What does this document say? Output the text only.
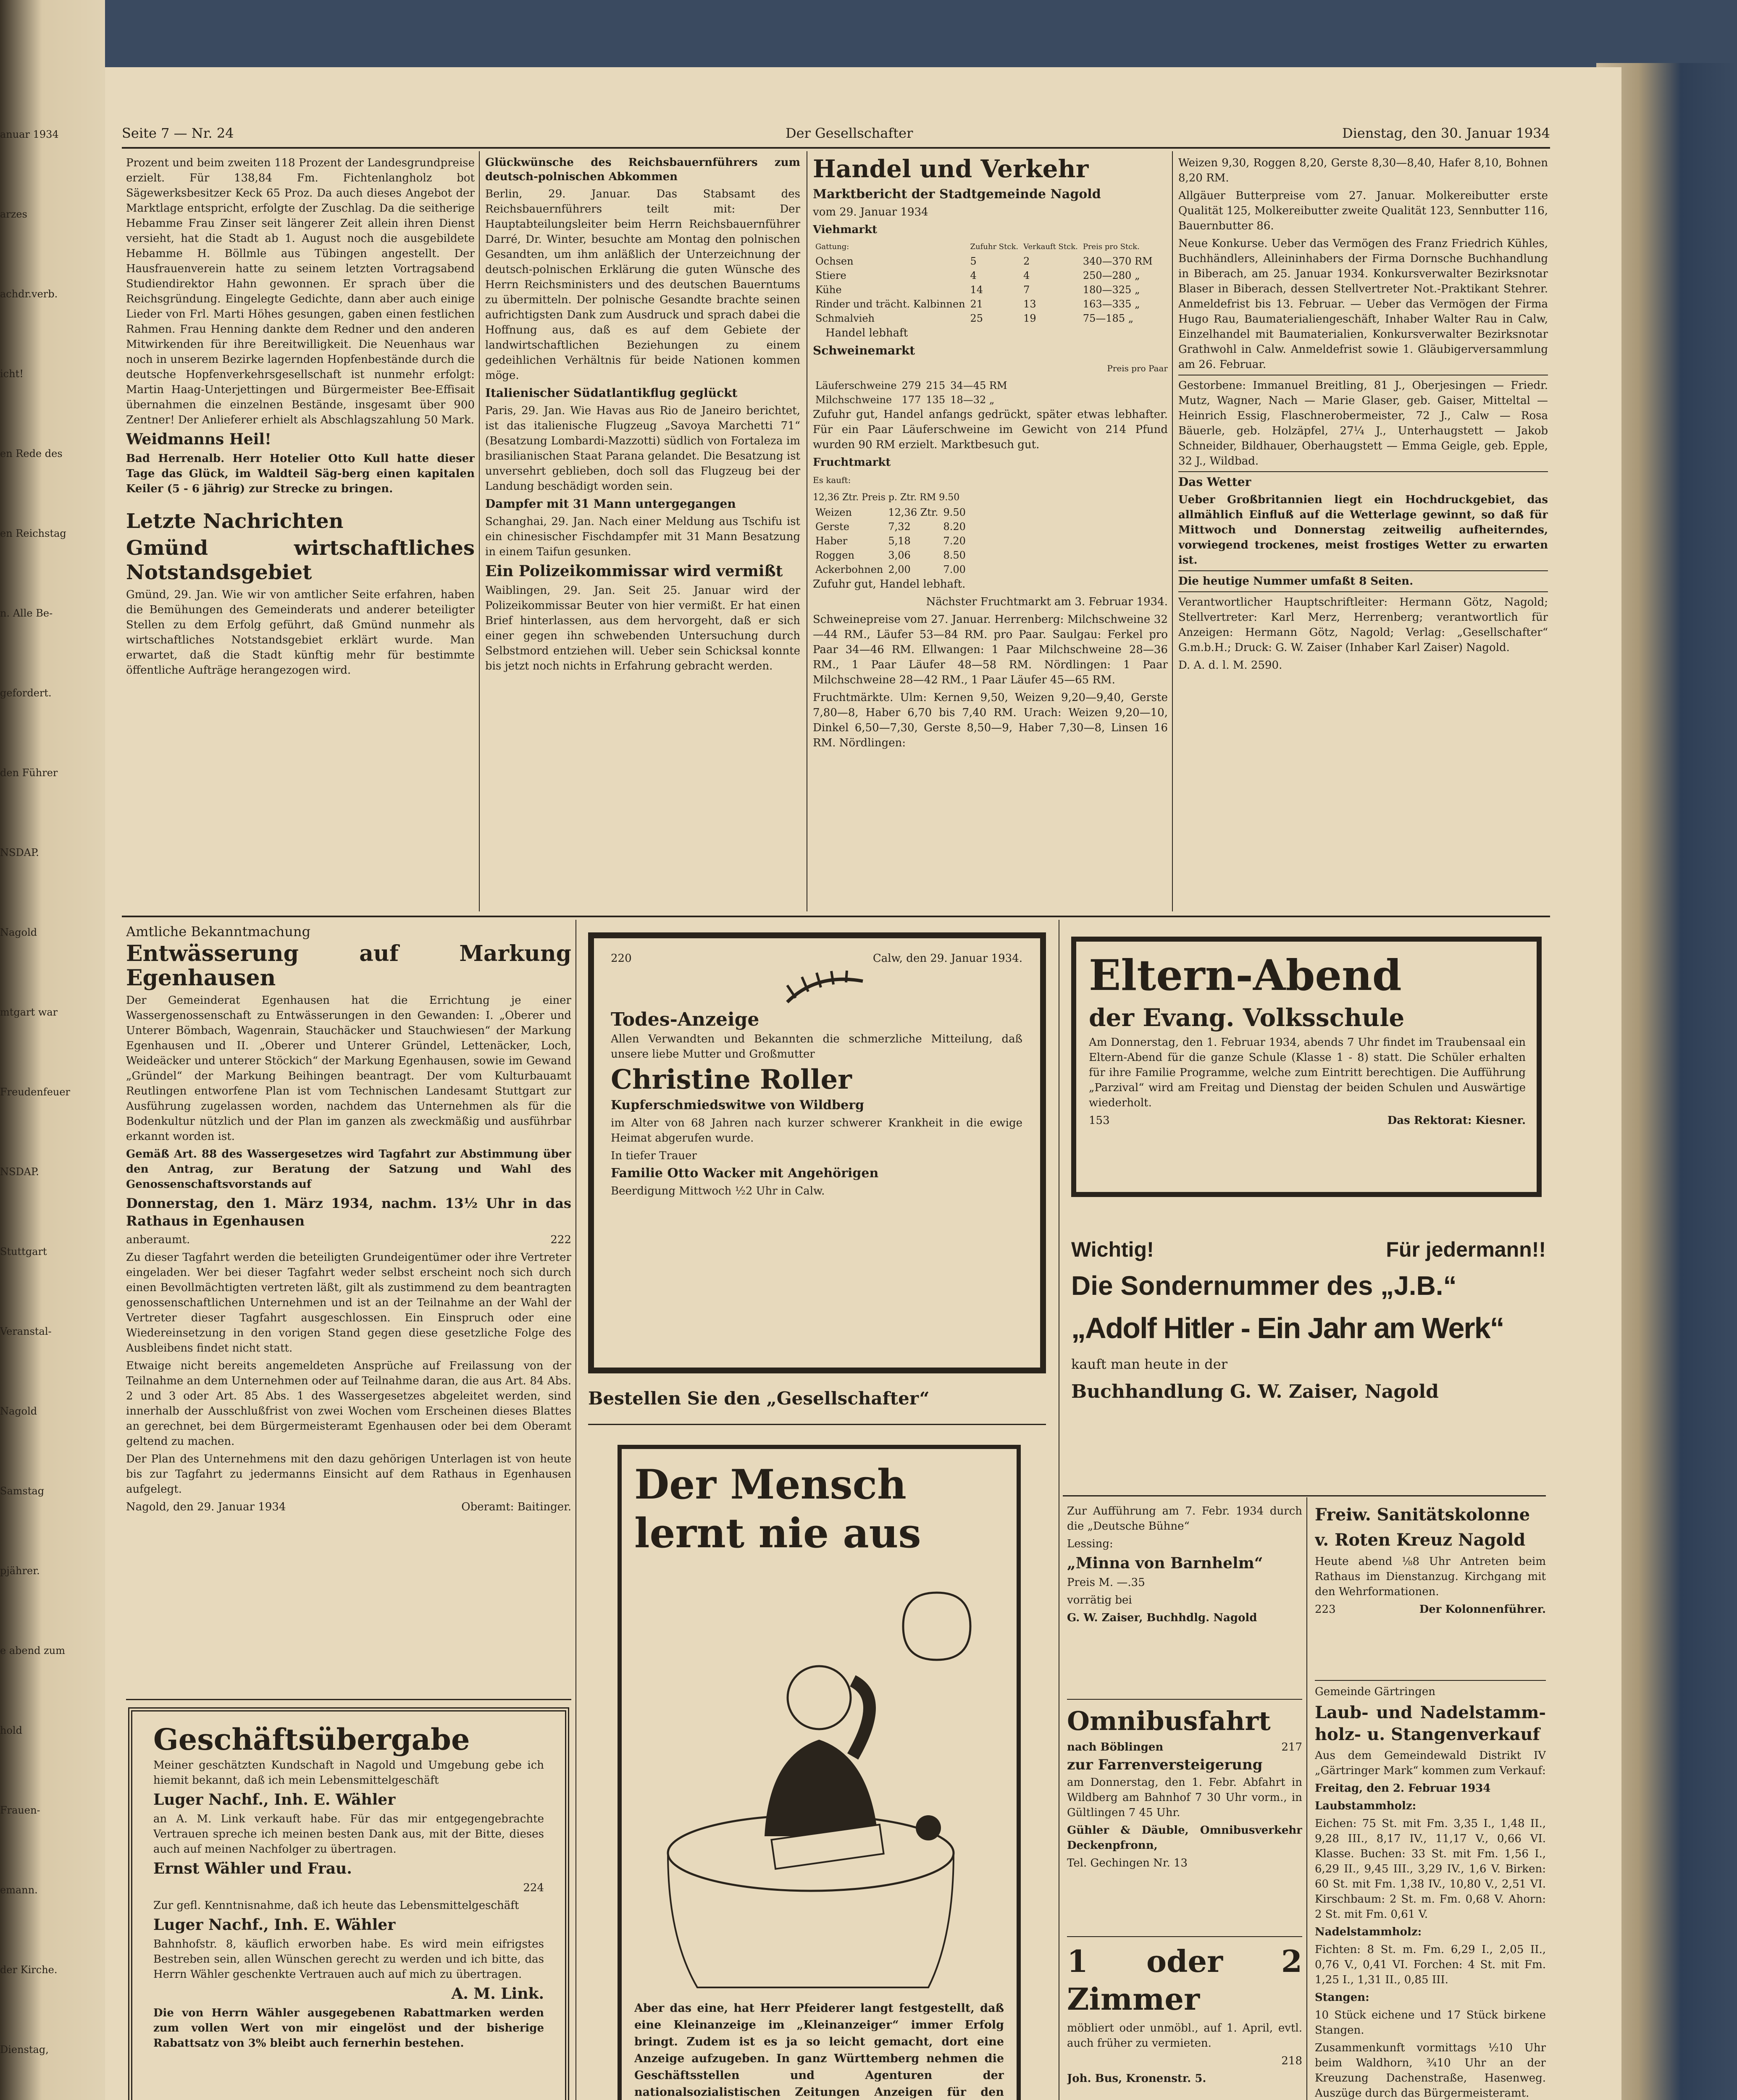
anuar 1934
arzes
achdr.verb.
icht!
en Rede des
en Reichstag
n. Alle Be-
gefordert.
den Führer
NSDAP.
Nagold
mtgart war
Freudenfeuer
NSDAP.
Stuttgart
Veranstal-
Nagold
Samstag
pjährer.
e abend zum
hold
Frauen-
emann.
der Kirche.
Dienstag,
Seite 7 — Nr. 24	Der Gesellschafter	Dienstag, den 30. Januar 1934

Prozent und beim zweiten 118 Prozent der Landesgrundpreise erzielt. Für 138,84 Fm. Fichtenlangholz bot Sägewerksbesitzer Keck 65 Proz. Da auch dieses Angebot der Marktlage entspricht, erfolgte der Zuschlag. Da die seitherige Hebamme Frau Zinser seit längerer Zeit allein ihren Dienst versieht, hat die Stadt ab 1. August noch die ausgebildete Hebamme H. Böllmle aus Tübingen angestellt. Der Hausfrauenverein hatte zu seinem letzten Vortragsabend Studiendirektor Hahn gewonnen. Er sprach über die Reichsgründung. Eingelegte Gedichte, dann aber auch einige Lieder von Frl. Marti Höhes gesungen, gaben einen festlichen Rahmen. Frau Henning dankte dem Redner und den anderen Mitwirkenden für ihre Bereitwilligkeit. Die Neuenhaus war noch in unserem Bezirke lagernden Hopfenbestände durch die deutsche Hopfenverkehrsgesellschaft ist nunmehr erfolgt: Martin Haag-Unterjettingen und Bürgermeister Bee-Effisait übernahmen die einzelnen Bestände, insgesamt über 900 Zentner! Der Anlieferer erhielt als Abschlagszahlung 50 Mark.

Weidmanns Heil!

Bad Herrenalb. Herr Hotelier Otto Kull hatte dieser Tage das Glück, im Waldteil Säg-berg einen kapitalen Keiler (5 - 6 jährig) zur Strecke zu bringen.

Letzte Nachrichten

Gmünd wirtschaftliches Notstandsgebiet

Gmünd, 29. Jan. Wie wir von amtlicher Seite erfahren, haben die Bemühungen des Gemeinderats und anderer beteiligter Stellen zu dem Erfolg geführt, daß Gmünd nunmehr als wirtschaftliches Notstandsgebiet erklärt wurde. Man erwartet, daß die Stadt künftig mehr für bestimmte öffentliche Aufträge herangezogen wird.

Glückwünsche des Reichsbauernführers zum deutsch-polnischen Abkommen

Berlin, 29. Januar. Das Stabsamt des Reichsbauernführers teilt mit: Der Hauptabteilungsleiter beim Herrn Reichsbauernführer Darré, Dr. Winter, besuchte am Montag den polnischen Gesandten, um ihm anläßlich der Unterzeichnung der deutsch-polnischen Erklärung die guten Wünsche des Herrn Reichsministers und des deutschen Bauerntums zu übermitteln. Der polnische Gesandte brachte seinen aufrichtigsten Dank zum Ausdruck und sprach dabei die Hoffnung aus, daß es auf dem Gebiete der landwirtschaftlichen Beziehungen zu einem gedeihlichen Verhältnis für beide Nationen kommen möge.

Italienischer Südatlantikflug geglückt

Paris, 29. Jan. Wie Havas aus Rio de Janeiro berichtet, ist das italienische Flugzeug „Savoya Marchetti 71“ (Besatzung Lombardi-Mazzotti) südlich von Fortaleza im brasilianischen Staat Parana gelandet. Die Besatzung ist unversehrt geblieben, doch soll das Flugzeug bei der Landung beschädigt worden sein.

Dampfer mit 31 Mann untergegangen

Schanghai, 29. Jan. Nach einer Meldung aus Tschifu ist ein chinesischer Fischdampfer mit 31 Mann Besatzung in einem Taifun gesunken.

Ein Polizeikommissar wird vermißt

Waiblingen, 29. Jan. Seit 25. Januar wird der Polizeikommissar Beuter von hier vermißt. Er hat einen Brief hinterlassen, aus dem hervorgeht, daß er sich einer gegen ihn schwebenden Untersuchung durch Selbstmord entziehen will. Ueber sein Schicksal konnte bis jetzt noch nichts in Erfahrung gebracht werden.

Handel und Verkehr

Marktbericht der Stadtgemeinde Nagold

vom 29. Januar 1934

Viehmarkt

Gattung:	Zufuhr Stck.	Verkauft Stck.	Preis pro Stck.
Ochsen	5	2	340—370 RM
Stiere	4	4	250—280 „
Kühe	14	7	180—325 „
Rinder und trächt. Kalbinnen	21	13	163—335 „
Schmalvieh	25	19	75—185 „

Handel lebhaft

Schweinemarkt

Preis pro Paar

Läuferschweine	279	215	34—45 RM
Milchschweine	177	135	18—32 „

Zufuhr gut, Handel anfangs gedrückt, später etwas lebhafter. Für ein Paar Läuferschweine im Gewicht von 214 Pfund wurden 90 RM erzielt. Marktbesuch gut.

Fruchtmarkt

Es kauft:

12,36 Ztr. Preis p. Ztr. RM 9.50
Weizen	12,36 Ztr.	9.50
Gerste	7,32	8.20
Haber	5,18	7.20
Roggen	3,06	8.50
Ackerbohnen	2,00	7.00

Zufuhr gut, Handel lebhaft.

Nächster Fruchtmarkt am 3. Februar 1934.

Schweinepreise vom 27. Januar. Herrenberg: Milchschweine 32—44 RM., Läufer 53—84 RM. pro Paar. Saulgau: Ferkel pro Paar 34—46 RM. Ellwangen: 1 Paar Milchschweine 28—36 RM., 1 Paar Läufer 48—58 RM. Nördlingen: 1 Paar Milchschweine 28—42 RM., 1 Paar Läufer 45—65 RM.

Fruchtmärkte. Ulm: Kernen 9,50, Weizen 9,20—9,40, Gerste 7,80—8, Haber 6,70 bis 7,40 RM. Urach: Weizen 9,20—10, Dinkel 6,50—7,30, Gerste 8,50—9, Haber 7,30—8, Linsen 16 RM. Nördlingen:

Weizen 9,30, Roggen 8,20, Gerste 8,30—8,40, Hafer 8,10, Bohnen 8,20 RM.

Allgäuer Butterpreise vom 27. Januar. Molkereibutter erste Qualität 125, Molkereibutter zweite Qualität 123, Sennbutter 116, Bauernbutter 86.

Neue Konkurse. Ueber das Vermögen des Franz Friedrich Kühles, Buchhändlers, Alleininhabers der Firma Dornsche Buchhandlung in Biberach, am 25. Januar 1934. Konkursverwalter Bezirksnotar Blaser in Biberach, dessen Stellvertreter Not.-Praktikant Stehrer. Anmeldefrist bis 13. Februar. — Ueber das Vermögen der Firma Hugo Rau, Baumaterialiengeschäft, Inhaber Walter Rau in Calw, Einzelhandel mit Baumaterialien, Konkursverwalter Bezirksnotar Grathwohl in Calw. Anmeldefrist sowie 1. Gläubigerversammlung am 26. Februar.

Gestorbene: Immanuel Breitling, 81 J., Oberjesingen — Friedr. Mutz, Wagner, Nach — Marie Glaser, geb. Gaiser, Mitteltal — Heinrich Essig, Flaschnerobermeister, 72 J., Calw — Rosa Bäuerle, geb. Holzäpfel, 27¼ J., Unterhaugstett — Jakob Schneider, Bildhauer, Oberhaugstett — Emma Geigle, geb. Epple, 32 J., Wildbad.

Das Wetter

Ueber Großbritannien liegt ein Hochdruckgebiet, das allmählich Einfluß auf die Wetterlage gewinnt, so daß für Mittwoch und Donnerstag zeitweilig aufheiterndes, vorwiegend trockenes, meist frostiges Wetter zu erwarten ist.

Die heutige Nummer umfaßt 8 Seiten.

Verantwortlicher Hauptschriftleiter: Hermann Götz, Nagold; Stellvertreter: Karl Merz, Herrenberg; verantwortlich für Anzeigen: Hermann Götz, Nagold; Verlag: „Gesellschafter“ G.m.b.H.; Druck: G. W. Zaiser (Inhaber Karl Zaiser) Nagold.

D. A. d. l. M. 2590.

Amtliche Bekanntmachung

Entwässerung auf Markung Egenhausen

Der Gemeinderat Egenhausen hat die Errichtung je einer Wassergenossenschaft zu Entwässerungen in den Gewanden: I. „Oberer und Unterer Bömbach, Wagenrain, Stauchäcker und Stauchwiesen“ der Markung Egenhausen und II. „Oberer und Unterer Gründel, Lettenäcker, Loch, Weideäcker und unterer Stöckich“ der Markung Egenhausen, sowie im Gewand „Gründel“ der Markung Beihingen beantragt. Der vom Kulturbauamt Reutlingen entworfene Plan ist vom Technischen Landesamt Stuttgart zur Ausführung zugelassen worden, nachdem das Unternehmen als für die Bodenkultur nützlich und der Plan im ganzen als zweckmäßig und ausführbar erkannt worden ist.

Gemäß Art. 88 des Wassergesetzes wird Tagfahrt zur Abstimmung über den Antrag, zur Beratung der Satzung und Wahl des Genossenschaftsvorstands auf

Donnerstag, den 1. März 1934, nachm. 13½ Uhr in das Rathaus in Egenhausen

anberaumt.	222

Zu dieser Tagfahrt werden die beteiligten Grundeigentümer oder ihre Vertreter eingeladen. Wer bei dieser Tagfahrt weder selbst erscheint noch sich durch einen Bevollmächtigten vertreten läßt, gilt als zustimmend zu dem beantragten genossenschaftlichen Unternehmen und ist an der Teilnahme an der Wahl der Vertreter dieser Tagfahrt ausgeschlossen. Ein Einspruch oder eine Wiedereinsetzung in den vorigen Stand gegen diese gesetzliche Folge des Ausbleibens findet nicht statt.

Etwaige nicht bereits angemeldeten Ansprüche auf Freilassung von der Teilnahme an dem Unternehmen oder auf Teilnahme daran, die aus Art. 84 Abs. 2 und 3 oder Art. 85 Abs. 1 des Wassergesetzes abgeleitet werden, sind innerhalb der Ausschlußfrist von zwei Wochen vom Erscheinen dieses Blattes an gerechnet, bei dem Bürgermeisteramt Egenhausen oder bei dem Oberamt geltend zu machen.

Der Plan des Unternehmens mit den dazu gehörigen Unterlagen ist von heute bis zur Tagfahrt zu jedermanns Einsicht auf dem Rathaus in Egenhausen aufgelegt.

Nagold, den 29. Januar 1934	Oberamt: Baitinger.

Geschäftsübergabe

Meiner geschätzten Kundschaft in Nagold und Umgebung gebe ich hiemit bekannt, daß ich mein Lebensmittelgeschäft

Luger Nachf., Inh. E. Wähler

an A. M. Link verkauft habe. Für das mir entgegengebrachte Vertrauen spreche ich meinen besten Dank aus, mit der Bitte, dieses auch auf meinen Nachfolger zu übertragen.

Ernst Wähler und Frau.

224

Zur gefl. Kenntnisnahme, daß ich heute das Lebensmittelgeschäft

Luger Nachf., Inh. E. Wähler

Bahnhofstr. 8, käuflich erworben habe. Es wird mein eifrigstes Bestreben sein, allen Wünschen gerecht zu werden und ich bitte, das Herrn Wähler geschenkte Vertrauen auch auf mich zu übertragen.

A. M. Link.

Die von Herrn Wähler ausgegebenen Rabattmarken werden zum vollen Wert von mir eingelöst und der bisherige Rabattsatz von 3% bleibt auch fernerhin bestehen.

220	Calw, den 29. Januar 1934.

Todes-Anzeige

Allen Verwandten und Bekannten die schmerzliche Mitteilung, daß unsere liebe Mutter und Großmutter

Christine Roller

Kupferschmiedswitwe von Wildberg

im Alter von 68 Jahren nach kurzer schwerer Krankheit in die ewige Heimat abgerufen wurde.

In tiefer Trauer

Familie Otto Wacker mit Angehörigen

Beerdigung Mittwoch ½2 Uhr in Calw.

Bestellen Sie den „Gesellschafter“

Der Mensch

lernt nie aus

Aber das eine, hat Herr Pfeiderer langt festgestellt, daß eine Kleinanzeige im „Kleinanzeiger“ immer Erfolg bringt. Zudem ist es ja so leicht gemacht, dort eine Anzeige aufzugeben. In ganz Württemberg nehmen die Geschäftsstellen und Agenturen der nationalsozialistischen Zeitungen Anzeigen für den

Eltern-Abend

der Evang. Volksschule

Am Donnerstag, den 1. Februar 1934, abends 7 Uhr findet im Traubensaal ein Eltern-Abend für die ganze Schule (Klasse 1 - 8) statt. Die Schüler erhalten für ihre Familie Programme, welche zum Eintritt berechtigen. Die Aufführung „Parzival“ wird am Freitag und Dienstag der beiden Schulen und Auswärtige wiederholt.

153	Das Rektorat: Kiesner.

Wichtig!	Für jedermann!!

Die Sondernummer des „J.B.“

„Adolf Hitler - Ein Jahr am Werk“

kauft man heute in der

Buchhandlung G. W. Zaiser, Nagold

Zur Aufführung am 7. Febr. 1934 durch die „Deutsche Bühne“

Lessing:

„Minna von Barnhelm“

Preis M. —.35

vorrätig bei

G. W. Zaiser, Buchhdlg. Nagold

Omnibusfahrt

nach Böblingen	217

zur Farrenversteigerung

am Donnerstag, den 1. Febr. Abfahrt in Wildberg am Bahnhof 7 30 Uhr vorm., in Gültlingen 7 45 Uhr.

Gühler & Däuble, Omnibusverkehr Deckenpfronn,

Tel. Gechingen Nr. 13

1 oder 2 Zimmer

möbliert oder unmöbl., auf 1. April, evtl. auch früher zu vermieten.

218

Joh. Bus, Kronenstr. 5.

Freiw. Sanitätskolonne

v. Roten Kreuz Nagold

Heute abend ⅛8 Uhr Antreten beim Rathaus im Dienstanzug. Kirchgang mit den Wehrformationen.

223	Der Kolonnenführer.

Gemeinde Gärtringen

Laub- und Nadelstamm-holz- u. Stangenverkauf

Aus dem Gemeindewald Distrikt IV „Gärtringer Mark“ kommen zum Verkauf:

Freitag, den 2. Februar 1934

Laubstammholz:

Eichen: 75 St. mit Fm. 3,35 I., 1,48 II., 9,28 III., 8,17 IV., 11,17 V., 0,66 VI. Klasse. Buchen: 33 St. mit Fm. 1,56 I., 6,29 II., 9,45 III., 3,29 IV., 1,6 V. Birken: 60 St. mit Fm. 1,38 IV., 10,80 V., 2,51 VI. Kirschbaum: 2 St. m. Fm. 0,68 V. Ahorn: 2 St. mit Fm. 0,61 V.

Nadelstammholz:

Fichten: 8 St. m. Fm. 6,29 I., 2,05 II., 0,76 V., 0,41 VI. Forchen: 4 St. mit Fm. 1,25 I., 1,31 II., 0,85 III.

Stangen:

10 Stück eichene und 17 Stück birkene Stangen.

Zusammenkunft vormittags ½10 Uhr beim Waldhorn, ¾10 Uhr an der Kreuzung Dachenstraße, Hasenweg. Auszüge durch das Bürgermeisteramt.
